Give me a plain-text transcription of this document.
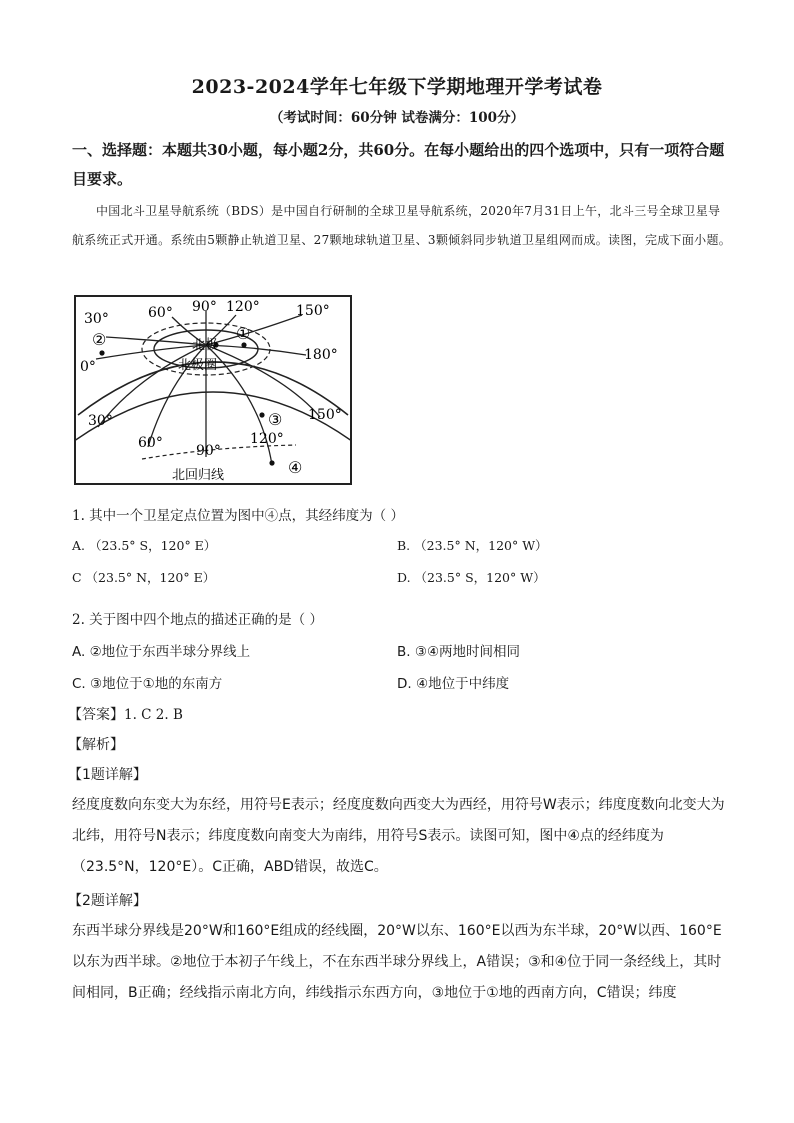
2023-2024学年七年级下学期地理开学考试卷
（考试时间：60分钟 试卷满分：100分）
一、选择题：本题共30小题，每小题2分，共60分。在每小题给出的四个选项中，只有一项符合题目要求。
中国北斗卫星导航系统（BDS）是中国自行研制的全球卫星导航系统，2020年7月31日上午，北斗三号全球卫星导航系统正式开通。系统由5颗静止轨道卫星、27颗地球轨道卫星、3颗倾斜同步轨道卫星组网而成。读图，完成下面小题。
30°	60° 90° 120°	150°
0°
180°
30°
60° 90°
120°
150°
北极
北极圈
北回归线
①
②
③
④
1. 其中一个卫星定点位置为图中④点，其经纬度为（ ）
A. （23.5° S，120° E）	B. （23.5° N，120° W）
C （23.5° N，120° E）	D. （23.5° S，120° W）
2. 关于图中四个地点的描述正确的是（ ）
A. ②地位于东西半球分界线上	B. ③④两地时间相同
C. ③地位于①地的东南方	D. ④地位于中纬度
【答案】1. C 2. B
【解析】
【1题详解】
经度度数向东变大为东经，用符号E表示；经度度数向西变大为西经，用符号W表示；纬度度数向北变大为北纬，用符号N表示；纬度度数向南变大为南纬，用符号S表示。读图可知，图中④点的经纬度为（23.5°N，120°E）。C正确，ABD错误，故选C。
【2题详解】
东西半球分界线是20°W和160°E组成的经线圈，20°W以东、160°E以西为东半球，20°W以西、160°E以东为西半球。②地位于本初子午线上，不在东西半球分界线上，A错误；③和④位于同一条经线上，其时间相同，B正确；经线指示南北方向，纬线指示东西方向，③地位于①地的西南方向，C错误；纬度
